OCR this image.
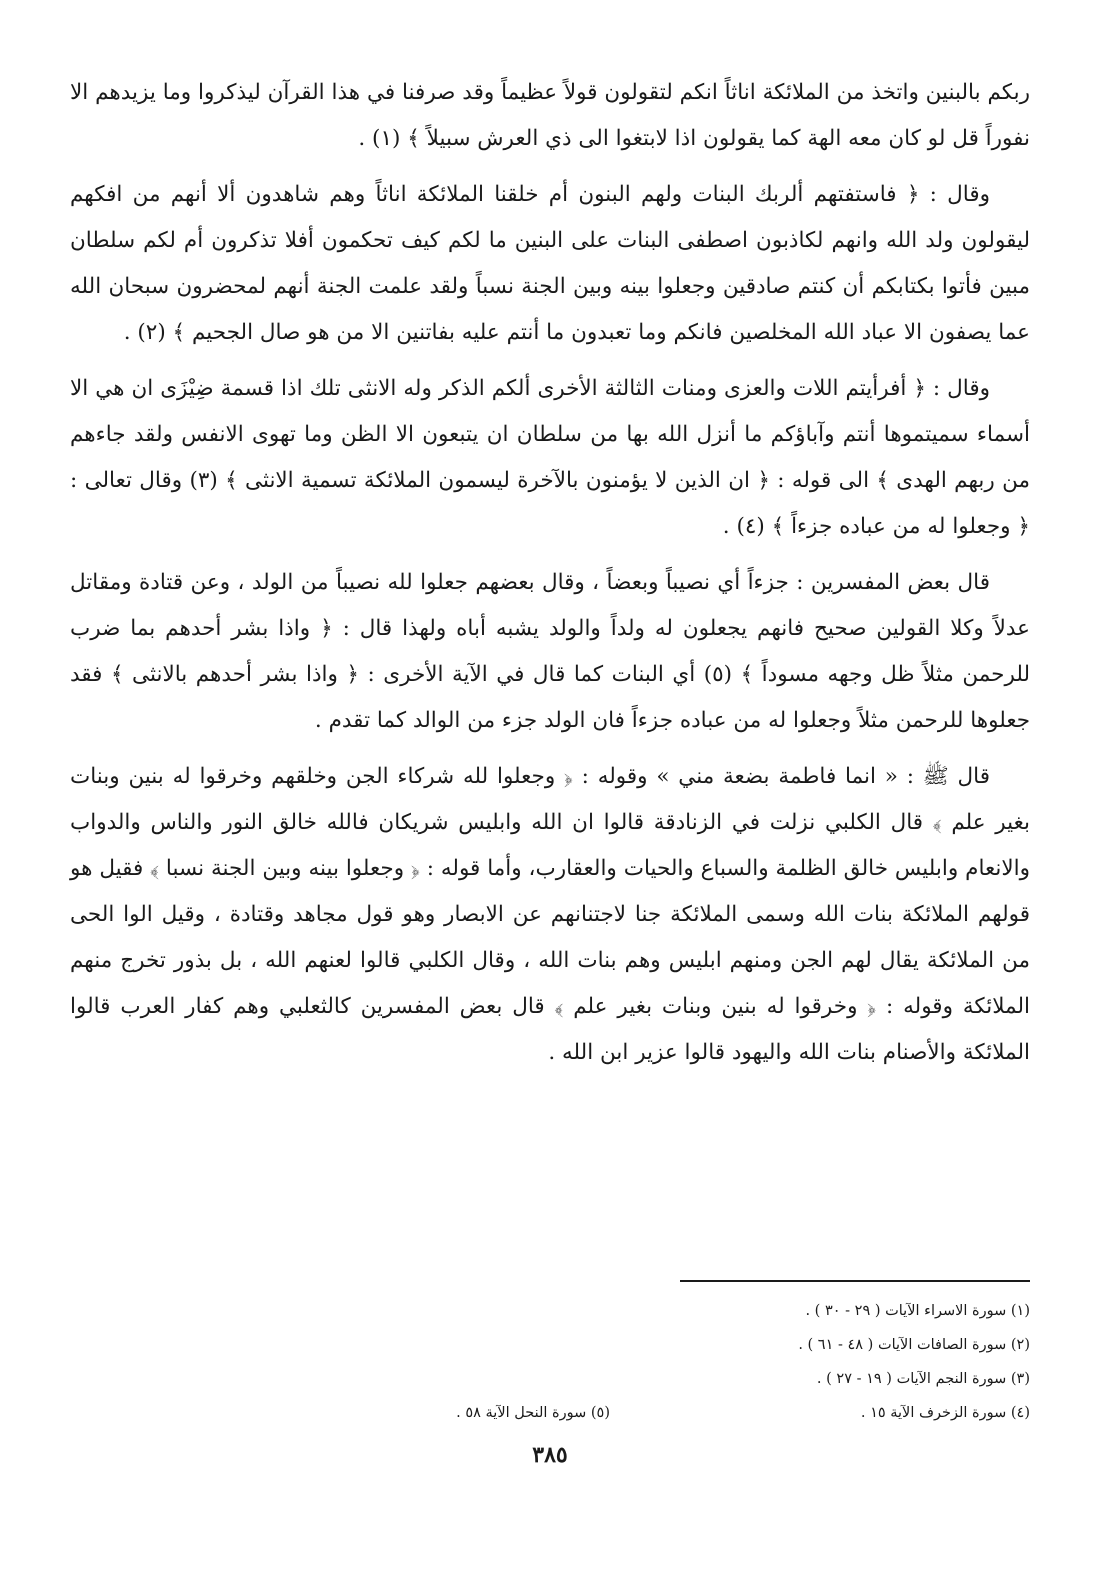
ربكم بالبنين واتخذ من الملائكة اناثاً انكم لتقولون قولاً عظيماً وقد صرفنا في هذا القرآن ليذكروا وما يزيدهم الا نفوراً قل لو كان معه الهة كما يقولون اذا لابتغوا الى ذي العرش سبيلاً ﴾ (١) .

وقال : ﴿ فاستفتهم ألربك البنات ولهم البنون أم خلقنا الملائكة اناثاً وهم شاهدون ألا أنهم من افكهم ليقولون ولد الله وانهم لكاذبون اصطفى البنات على البنين ما لكم كيف تحكمون أفلا تذكرون أم لكم سلطان مبين فأتوا بكتابكم أن كنتم صادقين وجعلوا بينه وبين الجنة نسباً ولقد علمت الجنة أنهم لمحضرون سبحان الله عما يصفون الا عباد الله المخلصين فانكم وما تعبدون ما أنتم عليه بفاتنين الا من هو صال الجحيم ﴾ (٢) .

وقال : ﴿ أفرأيتم اللات والعزى ومنات الثالثة الأخرى ألكم الذكر وله الانثى تلك اذا قسمة ضِيْزَى ان هي الا أسماء سميتموها أنتم وآباؤكم ما أنزل الله بها من سلطان ان يتبعون الا الظن وما تهوى الانفس ولقد جاءهم من ربهم الهدى ﴾ الى قوله : ﴿ ان الذين لا يؤمنون بالآخرة ليسمون الملائكة تسمية الانثى ﴾ (٣) وقال تعالى : ﴿ وجعلوا له من عباده جزءاً ﴾ (٤) .

قال بعض المفسرين : جزءاً أي نصيباً وبعضاً ، وقال بعضهم جعلوا لله نصيباً من الولد ، وعن قتادة ومقاتل عدلاً وكلا القولين صحيح فانهم يجعلون له ولداً والولد يشبه أباه ولهذا قال : ﴿ واذا بشر أحدهم بما ضرب للرحمن مثلاً ظل وجهه مسوداً ﴾ (٥) أي البنات كما قال في الآية الأخرى : ﴿ واذا بشر أحدهم بالانثى ﴾ فقد جعلوها للرحمن مثلاً وجعلوا له من عباده جزءاً فان الولد جزء من الوالد كما تقدم .

قال ﷺ : « انما فاطمة بضعة مني » وقوله : ﴿ وجعلوا لله شركاء الجن وخلقهم وخرقوا له بنين وبنات بغير علم ﴾ قال الكلبي نزلت في الزنادقة قالوا ان الله وابليس شريكان فالله خالق النور والناس والدواب والانعام وابليس خالق الظلمة والسباع والحيات والعقارب، وأما قوله : ﴿ وجعلوا بينه وبين الجنة نسبا ﴾ فقيل هو قولهم الملائكة بنات الله وسمى الملائكة جنا لاجتنانهم عن الابصار وهو قول مجاهد وقتادة ، وقيل الوا الحى من الملائكة يقال لهم الجن ومنهم ابليس وهم بنات الله ، وقال الكلبي قالوا لعنهم الله ، بل بذور تخرج منهم الملائكة وقوله : ﴿ وخرقوا له بنين وبنات بغير علم ﴾ قال بعض المفسرين كالثعلبي وهم كفار العرب قالوا الملائكة والأصنام بنات الله واليهود قالوا عزير ابن الله .

(١) سورة الاسراء الآيات ( ٢٩ - ٣٠ ) .
(٢) سورة الصافات الآيات ( ٤٨ - ٦١ ) .
(٣) سورة النجم الآيات ( ١٩ - ٢٧ ) .
(٤) سورة الزخرف الآية ١٥ .
(٥) سورة النحل الآية ٥٨ .
٣٨٥
